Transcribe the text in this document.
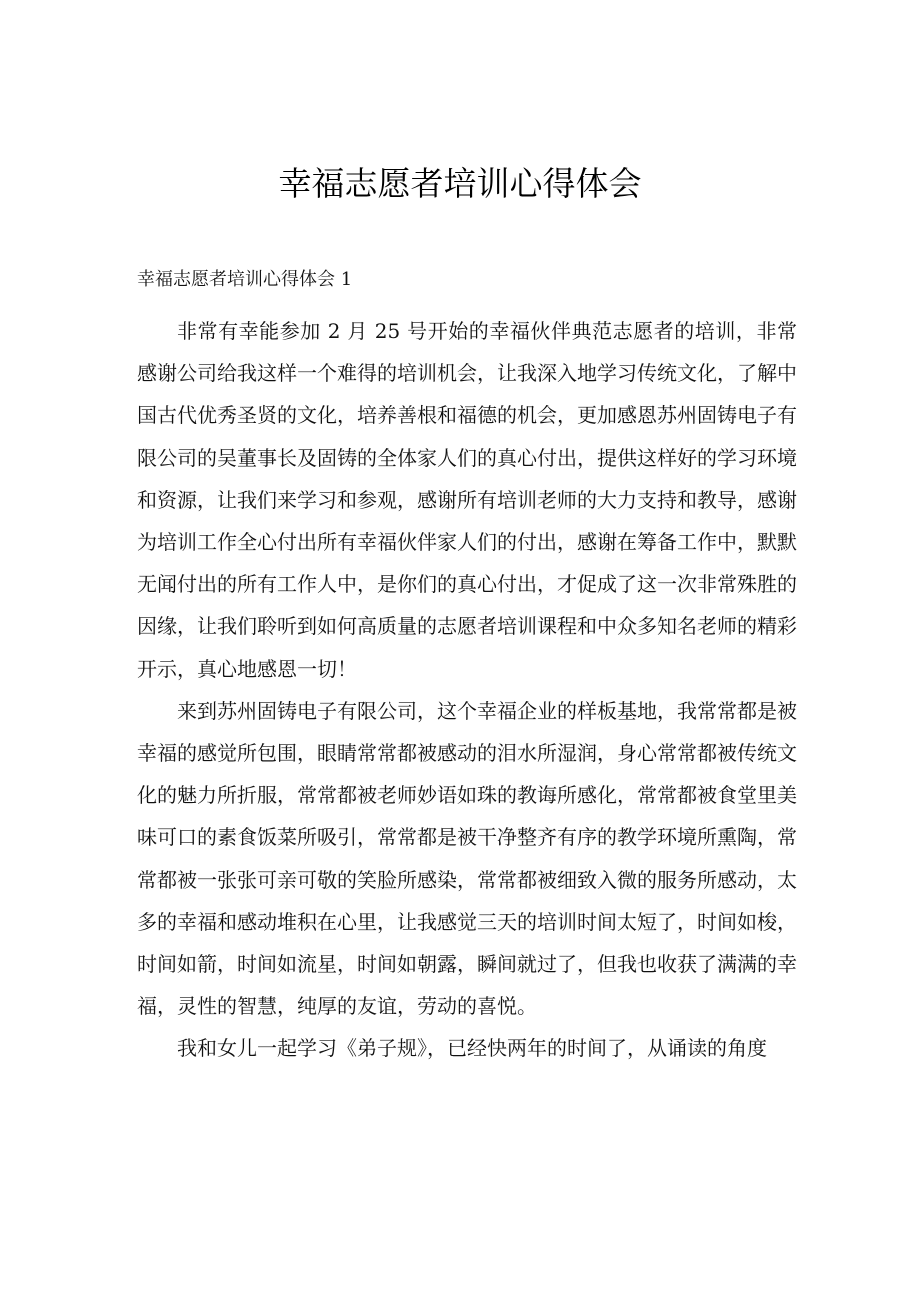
幸福志愿者培训心得体会

幸福志愿者培训心得体会 1

非常有幸能参加 2 月 25 号开始的幸福伙伴典范志愿者的培训，非常感谢公司给我这样一个难得的培训机会，让我深入地学习传统文化，了解中国古代优秀圣贤的文化，培养善根和福德的机会，更加感恩苏州固铸电子有限公司的吴董事长及固铸的全体家人们的真心付出，提供这样好的学习环境和资源，让我们来学习和参观，感谢所有培训老师的大力支持和教导，感谢为培训工作全心付出所有幸福伙伴家人们的付出，感谢在筹备工作中，默默无闻付出的所有工作人中，是你们的真心付出，才促成了这一次非常殊胜的因缘，让我们聆听到如何高质量的志愿者培训课程和中众多知名老师的精彩开示，真心地感恩一切！

来到苏州固铸电子有限公司，这个幸福企业的样板基地，我常常都是被幸福的感觉所包围，眼睛常常都被感动的泪水所湿润，身心常常都被传统文化的魅力所折服，常常都被老师妙语如珠的教诲所感化，常常都被食堂里美味可口的素食饭菜所吸引，常常都是被干净整齐有序的教学环境所熏陶，常常都被一张张可亲可敬的笑脸所感染，常常都被细致入微的服务所感动，太多的幸福和感动堆积在心里，让我感觉三天的培训时间太短了，时间如梭，时间如箭，时间如流星，时间如朝露，瞬间就过了，但我也收获了满满的幸福，灵性的智慧，纯厚的友谊，劳动的喜悦。

我和女儿一起学习《弟子规》，已经快两年的时间了，从诵读的角度
